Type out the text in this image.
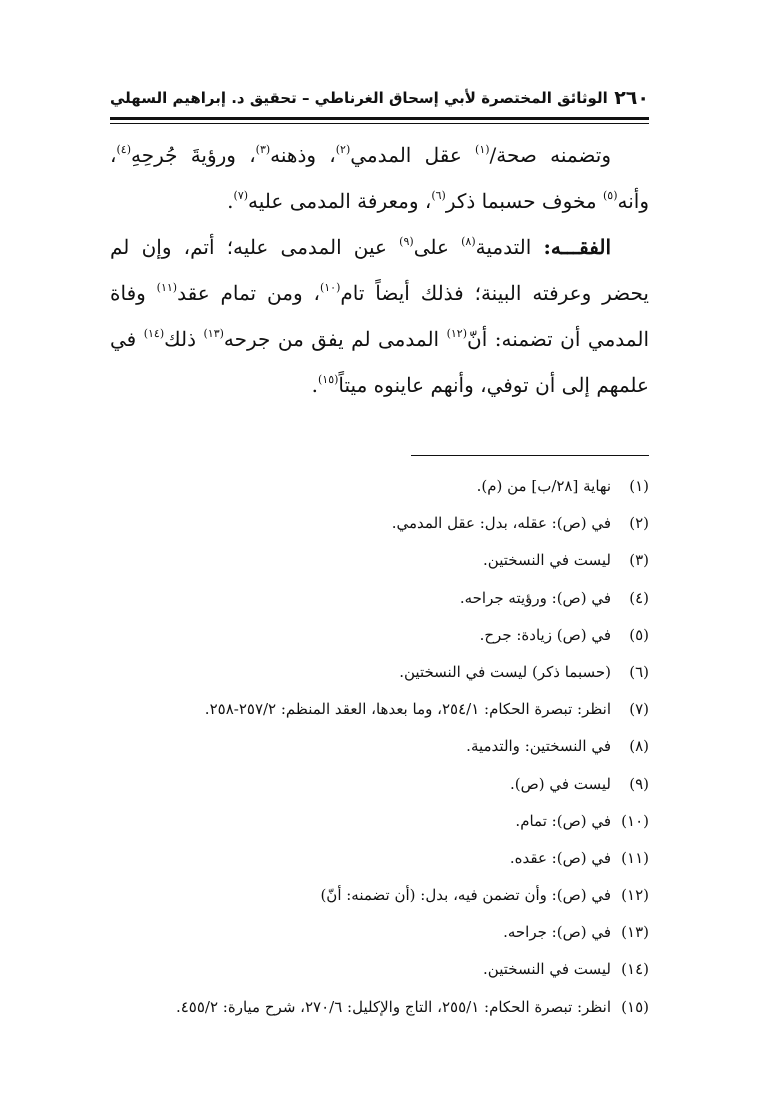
٢٦٠
الوثائق المختصرة لأبي إسحاق الغرناطي – تحقيق د. إبراهيم السهلي

وتضمنه صحة/$^{(١)}$ عقل المدمي$^{(٢)}$، وذهنه$^{(٣)}$، ورؤيةَ جُرحِهِ$^{(٤)}$، وأنه$^{(٥)}$ مخوف حسبما ذكر$^{(٦)}$، ومعرفة المدمى عليه$^{(٧)}$.

الفقـــه: التدمية$^{(٨)}$ على$^{(٩)}$ عين المدمى عليه؛ أتم، وإن لم يحضر وعرفته البينة؛ فذلك أيضاً تام$^{(١٠)}$، ومن تمام عقد$^{(١١)}$ وفاة المدمي أن تضمنه: أنّ$^{(١٢)}$ المدمى لم يفق من جرحه$^{(١٣)}$ ذلك$^{(١٤)}$ في علمهم إلى أن توفي، وأنهم عاينوه ميتاً$^{(١٥)}$.

(١)
نهاية [٢٨/ب] من (م).
(٢)
في (ص): عقله، بدل: عقل المدمي.
(٣)
ليست في النسختين.
(٤)
في (ص): ورؤيته جراحه.
(٥)
في (ص) زيادة: جرح.
(٦)
(حسبما ذكر) ليست في النسختين.
(٧)
انظر: تبصرة الحكام: ٢٥٤/١، وما بعدها، العقد المنظم: ٢٥٧/٢-٢٥٨.
(٨)
في النسختين: والتدمية.
(٩)
ليست في (ص).
(١٠)
في (ص): تمام.
(١١)
في (ص): عقده.
(١٢)
في (ص): وأن تضمن فيه، بدل: (أن تضمنه: أنّ)
(١٣)
في (ص): جراحه.
(١٤)
ليست في النسختين.
(١٥)
انظر: تبصرة الحكام: ٢٥٥/١، التاج والإكليل: ٢٧٠/٦، شرح ميارة: ٤٥٥/٢.
